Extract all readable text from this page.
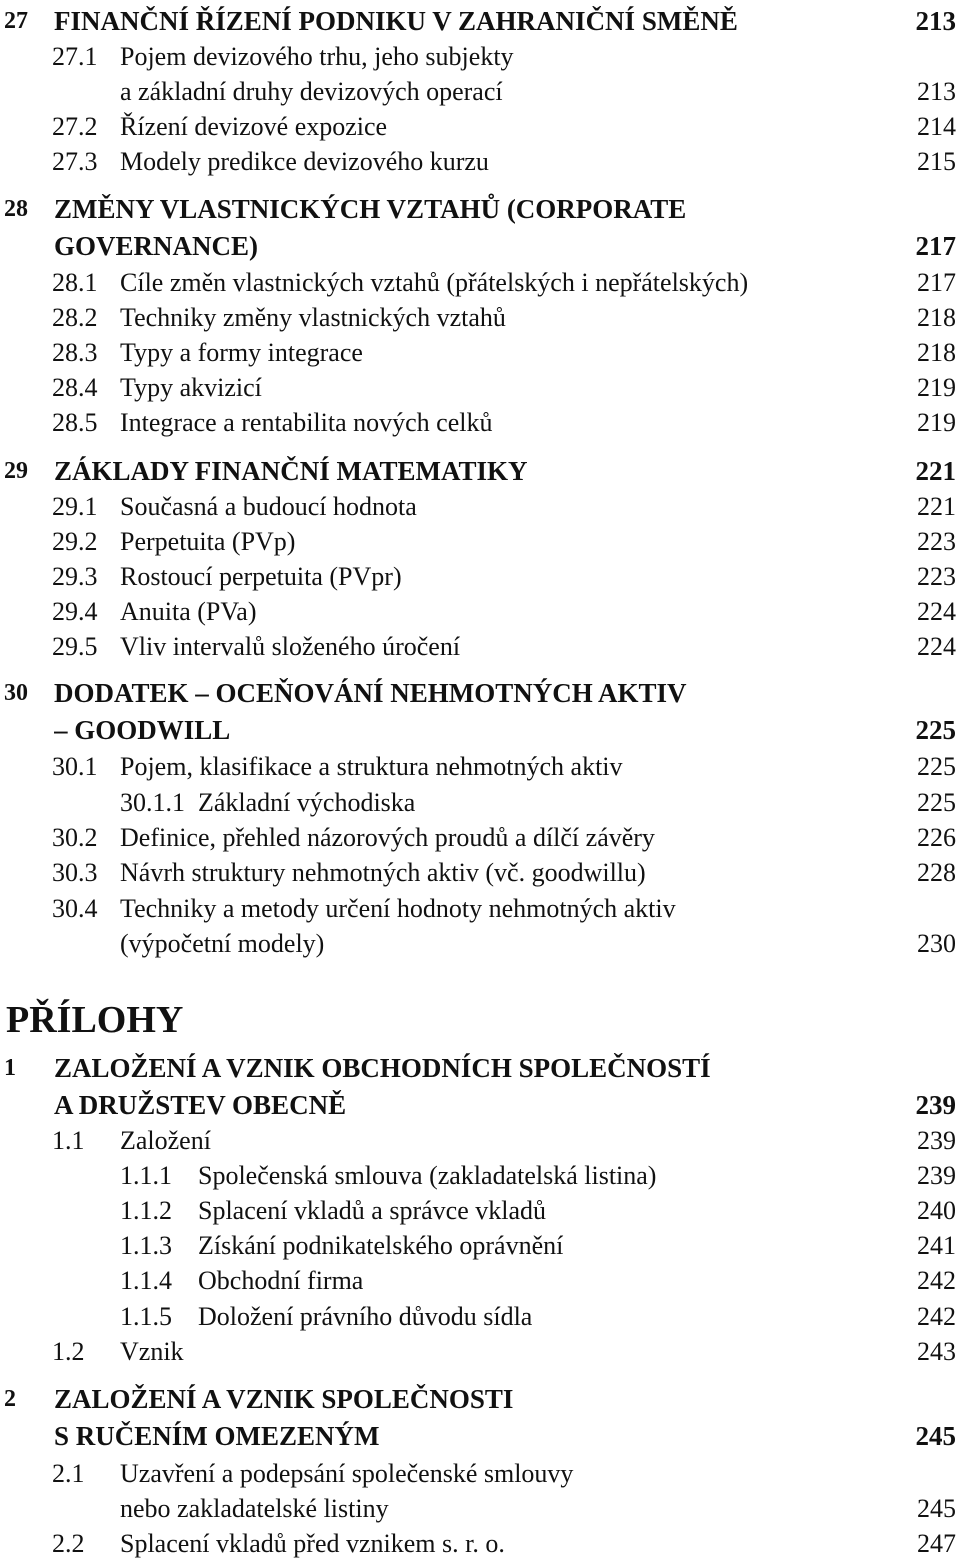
PŘÍLOHY
27 FINANČNÍ ŘÍZENÍ PODNIKU V ZAHRANIČNÍ SMĚNĚ . . .	213
27.1 Pojem devizového trhu, jeho subjekty
a základní druhy devizových operací . . .	213
27.2 Řízení devizové expozice . . .	214
27.3 Modely predikce devizového kurzu . . .	215
28 ZMĚNY VLASTNICKÝCH VZTAHŮ (CORPORATE
GOVERNANCE) . . .	217
28.1 Cíle změn vlastnických vztahů (přátelských i nepřátelských) . . .	217
28.2 Techniky změny vlastnických vztahů . . .	218
28.3 Typy a formy integrace . . .	218
28.4 Typy akvizicí . . .	219
28.5 Integrace a rentabilita nových celků . . .	219
29 ZÁKLADY FINANČNÍ MATEMATIKY . . .	221
29.1 Současná a budoucí hodnota . . .	221
29.2 Perpetuita (PVp) . . .	223
29.3 Rostoucí perpetuita (PVpr) . . .	223
29.4 Anuita (PVa) . . .	224
29.5 Vliv intervalů složeného úročení . . .	224
30 DODATEK – OCEŇOVÁNÍ NEHMOTNÝCH AKTIV
– GOODWILL . . .	225
30.1 Pojem, klasifikace a struktura nehmotných aktiv . . .	225
30.1.1 Základní východiska . . .	225
30.2 Definice, přehled názorových proudů a dílčí závěry . . .	226
30.3 Návrh struktury nehmotných aktiv (vč. goodwillu) . . .	228
30.4 Techniky a metody určení hodnoty nehmotných aktiv
(výpočetní modely) . . .	230
1 ZALOŽENÍ A VZNIK OBCHODNÍCH SPOLEČNOSTÍ
A DRUŽSTEV OBECNĚ . . .	239
1.1 Založení . . .	239
1.1.1 Společenská smlouva (zakladatelská listina) . . .	239
1.1.2 Splacení vkladů a správce vkladů . . .	240
1.1.3 Získání podnikatelského oprávnění . . .	241
1.1.4 Obchodní firma . . .	242
1.1.5 Doložení právního důvodu sídla . . .	242
1.2 Vznik . . .	243
2 ZALOŽENÍ A VZNIK SPOLEČNOSTI
S RUČENÍM OMEZENÝM . . .	245
2.1 Uzavření a podepsání společenské smlouvy
nebo zakladatelské listiny . . .	245
2.2 Splacení vkladů před vznikem s. r. o. . . .	247
